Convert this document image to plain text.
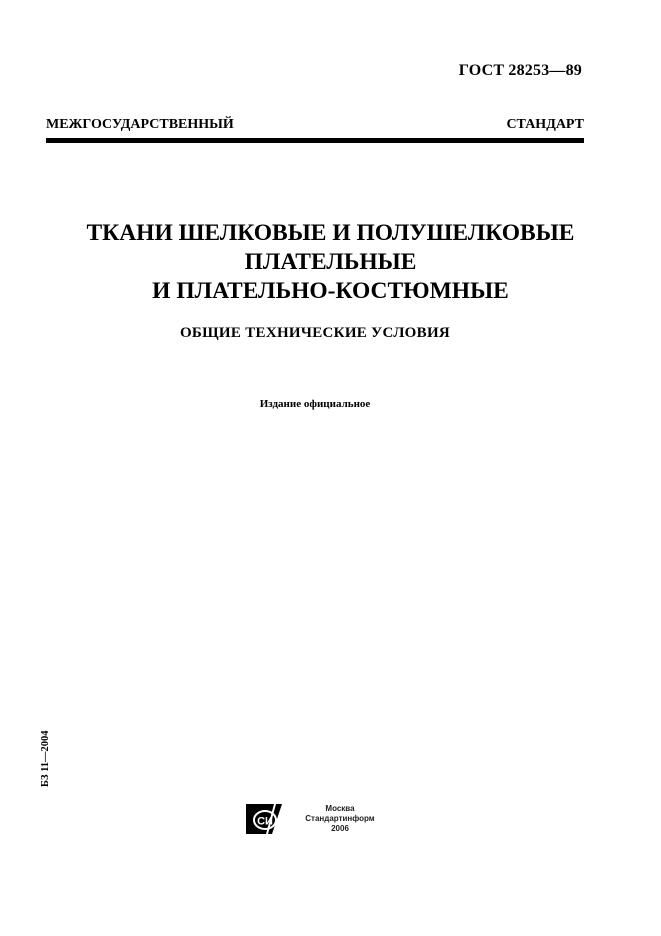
ГОСТ 28253—89
МЕЖГОСУДАРСТВЕННЫЙ	СТАНДАРТ
ТКАНИ ШЕЛКОВЫЕ И ПОЛУШЕЛКОВЫЕ
ПЛАТЕЛЬНЫЕ
И ПЛАТЕЛЬНО-КОСТЮМНЫЕ
ОБЩИЕ ТЕХНИЧЕСКИЕ УСЛОВИЯ
Издание официальное
БЗ 11—2004
СИ
Москва
Стандартинформ
2006
